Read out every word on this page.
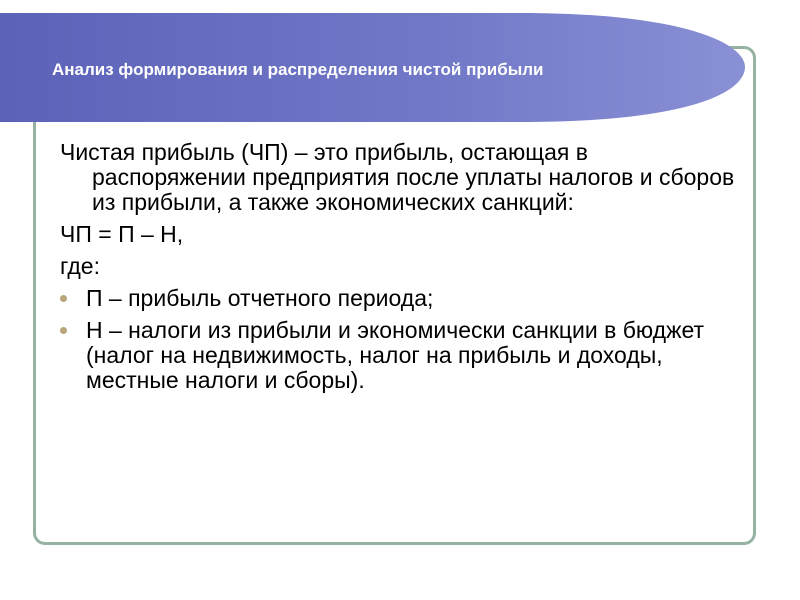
Анализ формирования и распределения чистой прибыли

Чистая прибыль (ЧП) – это прибыль, остающая в распоряжении предприятия после уплаты налогов и сборов из прибыли, а также экономических санкций:

ЧП = П – Н,

где:

П – прибыль отчетного периода;
Н – налоги из прибыли и экономически санкции в бюджет (налог на недвижимость, налог на прибыль и доходы, местные налоги и сборы).
